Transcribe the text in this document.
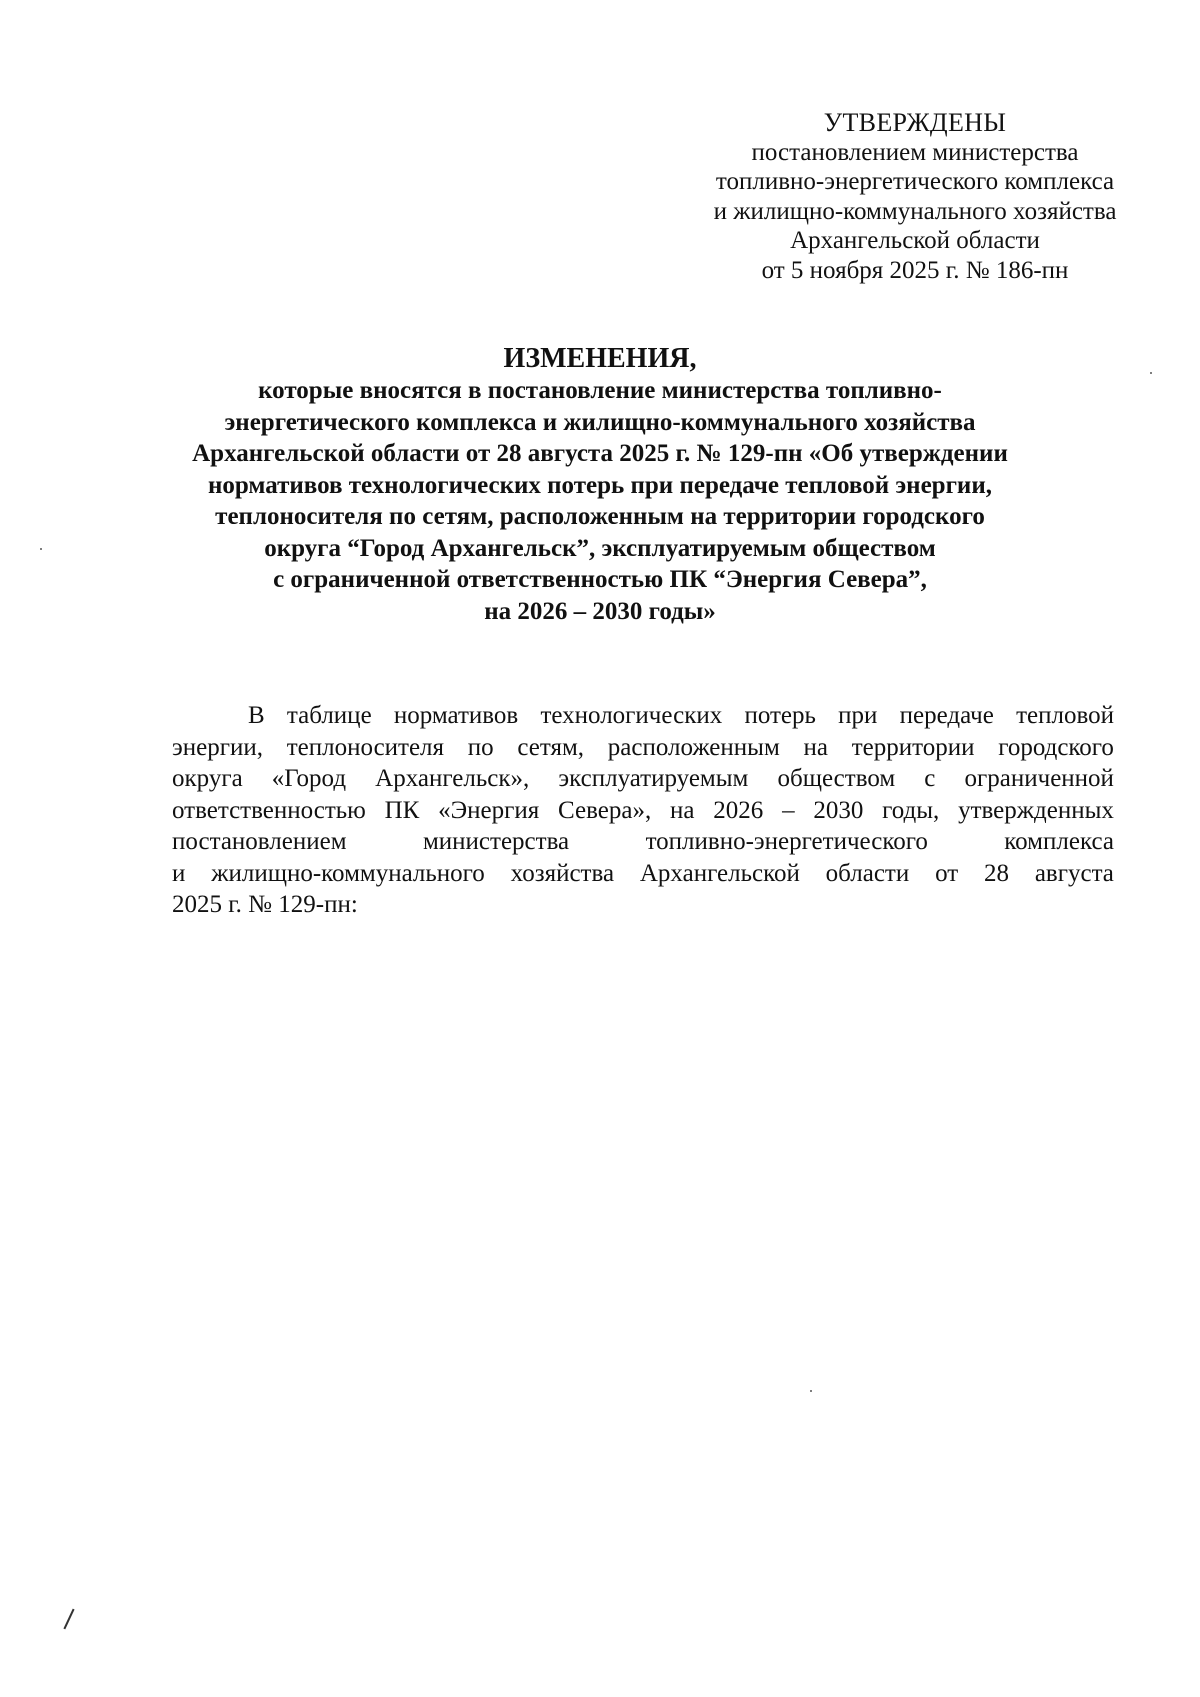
УТВЕРЖДЕНЫ
постановлением министерства
топливно-энергетического комплекса
и жилищно-коммунального хозяйства
Архангельской области
от 5 ноября 2025 г. № 186-пн
ИЗМЕНЕНИЯ,
которые вносятся в постановление министерства топливно-
энергетического комплекса и жилищно-коммунального хозяйства
Архангельской области от 28 августа 2025 г. № 129-пн «Об утверждении
нормативов технологических потерь при передаче тепловой энергии,
теплоносителя по сетям, расположенным на территории городского
округа “Город Архангельск”, эксплуатируемым обществом
с ограниченной ответственностью ПК “Энергия Севера”,
на 2026 – 2030 годы»
В таблице нормативов технологических потерь при передаче тепловой
энергии, теплоносителя по сетям, расположенным на территории городского
округа «Город Архангельск», эксплуатируемым обществом с ограниченной
ответственностью ПК «Энергия Севера», на 2026 – 2030 годы, утвержденных
постановлением	министерства	топливно-энергетического	комплекса
и жилищно-коммунального хозяйства Архангельской области от 28 августа
2025 г. № 129-пн:
